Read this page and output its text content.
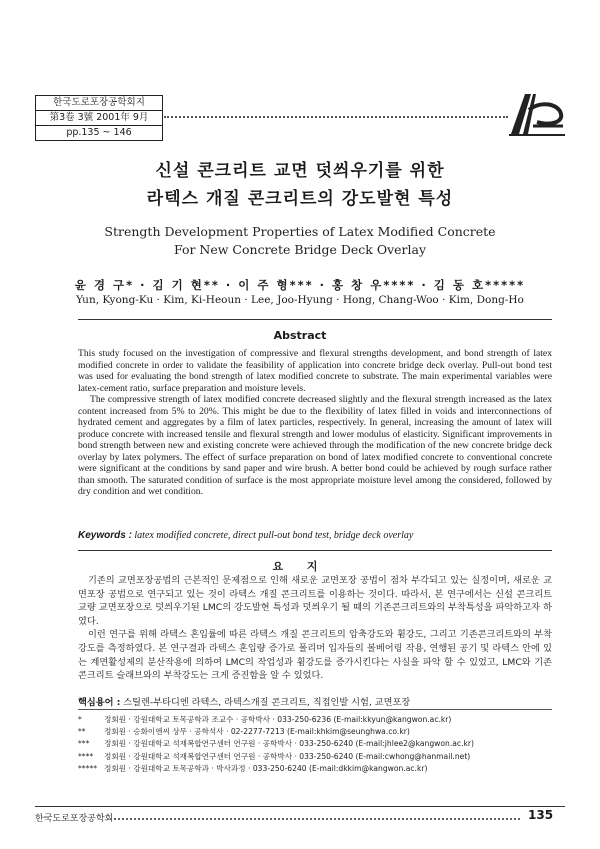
한국도로포장공학회지
第3卷 3號 2001年 9月
pp.135 ~ 146
신설 콘크리트 교면 덧씌우기를 위한
라텍스 개질 콘크리트의 강도발현 특성
Strength Development Properties of Latex Modified Concrete
For New Concrete Bridge Deck Overlay
윤 경 구* · 김 기 현** · 이 주 형*** · 홍 창 우**** · 김 동 호*****
Yun, Kyong-Ku · Kim, Ki-Heoun · Lee, Joo-Hyung · Hong, Chang-Woo · Kim, Dong-Ho
Abstract

This study focused on the investigation of compressive and flexural strengths development, and bond strength of latex modified concrete in order to validate the feasibility of application into concrete bridge deck overlay. Pull-out bond test was used for evaluating the bond strength of latex modified concrete to substrate. The main experimental variables were latex-cement ratio, surface preparation and moisture levels.

The compressive strength of latex modified concrete decreased slightly and the flexural strength increased as the latex content increased from 5% to 20%. This might be due to the flexibility of latex filled in voids and interconnections of hydrated cement and aggregates by a film of latex particles, respectively. In general, increasing the amount of latex will produce concrete with increased tensile and flexural strength and lower modulus of elasticity. Significant improvements in bond strength between new and existing concrete were achieved through the modification of the new concrete bridge deck overlay by latex polymers. The effect of surface preparation on bond of latex modified concrete to conventional concrete were significant at the conditions by sand paper and wire brush. A better bond could be achieved by rough surface rather than smooth. The saturated condition of surface is the most appropriate moisture level among the considered, followed by dry condition and wet condition.

Keywords : latex modified concrete, direct pull-out bond test, bridge deck overlay
요 지

기존의 교면포장공법의 근본적인 문제점으로 인해 새로운 교면포장 공법이 점차 부각되고 있는 실정이며, 새로운 교면포장 공법으로 연구되고 있는 것이 라텍스 개질 콘크리트를 이용하는 것이다. 따라서, 본 연구에서는 신설 콘크리트 교량 교면포장으로 덧씌우기된 LMC의 강도발현 특성과 덧씌우기 될 때의 기존콘크리트와의 부착특성을 파악하고자 하였다.

이런 연구를 위해 라텍스 혼입률에 따른 라텍스 개질 콘크리트의 압축강도와 휨강도, 그리고 기존콘크리트와의 부착강도를 측정하였다. 본 연구결과 라텍스 혼입량 증가로 폴리머 입자들의 볼베어링 작용, 연행된 공기 및 라텍스 안에 있는 계면활성제의 분산작용에 의하여 LMC의 작업성과 휨강도를 증가시킨다는 사실을 파악 할 수 있었고, LMC와 기존 콘크리트 슬래브와의 부착강도는 크게 증진함을 알 수 있었다.

핵심용어 : 스틸렌-부타디엔 라텍스, 라텍스개질 콘크리트, 직접인발 시험, 교면포장
*	정회원 · 강원대학교 토목공학과 조교수 · 공학박사 · 033-250-6236 (E-mail:kkyun@kangwon.ac.kr)
**	정회원 · 승화이엔씨 상무 · 공학석사 · 02-2277-7213 (E-mail:khkim@seunghwa.co.kr)
***	정회원 · 강원대학교 석재복합연구센터 연구원 · 공학박사 · 033-250-6240 (E-mail:jhlee2@kangwon.ac.kr)
****	정회원 · 강원대학교 석재복합연구센터 연구원 · 공학박사 · 033-250-6240 (E-mail:cwhong@hanmail.net)
***** 정회원 · 강원대학교 토목공학과 · 박사과정 · 033-250-6240 (E-mail:dkkim@kangwon.ac.kr)
한국도로포장공학회	135
